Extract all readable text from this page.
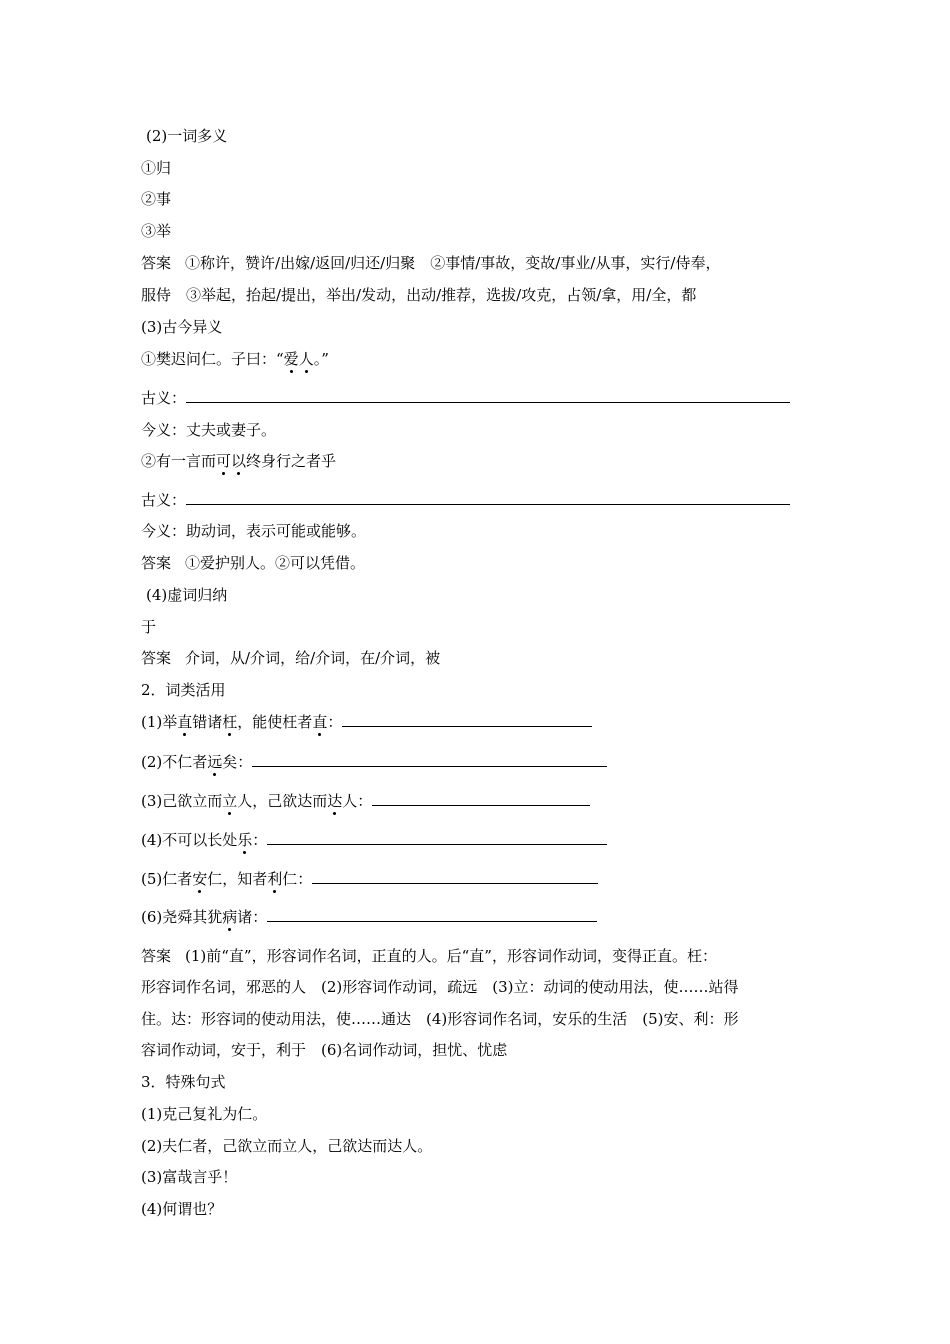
(2)一词多义
①归
②事
③举
答案 ①称许，赞许/出嫁/返回/归还/归聚　②事情/事故，变故/事业/从事，实行/侍奉，
服侍　③举起，抬起/提出，举出/发动，出动/推荐，选拔/攻克，占领/拿，用/全，都
(3)古今异义
①樊迟问仁。子曰：“爱人。”
古义：
今义：丈夫或妻子。
②有一言而可以终身行之者乎
古义：
今义：助动词，表示可能或能够。
答案 ①爱护别人。②可以凭借。
(4)虚词归纳
于
答案 介词，从/介词，给/介词，在/介词，被
2．词类活用
(1)举直错诸枉，能使枉者直：
(2)不仁者远矣：
(3)己欲立而立人，己欲达而达人：
(4)不可以长处乐：
(5)仁者安仁，知者利仁：
(6)尧舜其犹病诸：
答案 (1)前“直”，形容词作名词，正直的人。后“直”，形容词作动词，变得正直。枉：
形容词作名词，邪恶的人　(2)形容词作动词，疏远　(3)立：动词的使动用法，使……站得
住。达：形容词的使动用法，使……通达　(4)形容词作名词，安乐的生活　(5)安、利：形
容词作动词，安于，利于　(6)名词作动词，担忧、忧虑
3．特殊句式
(1)克己复礼为仁。
(2)夫仁者，己欲立而立人，己欲达而达人。
(3)富哉言乎！
(4)何谓也？
